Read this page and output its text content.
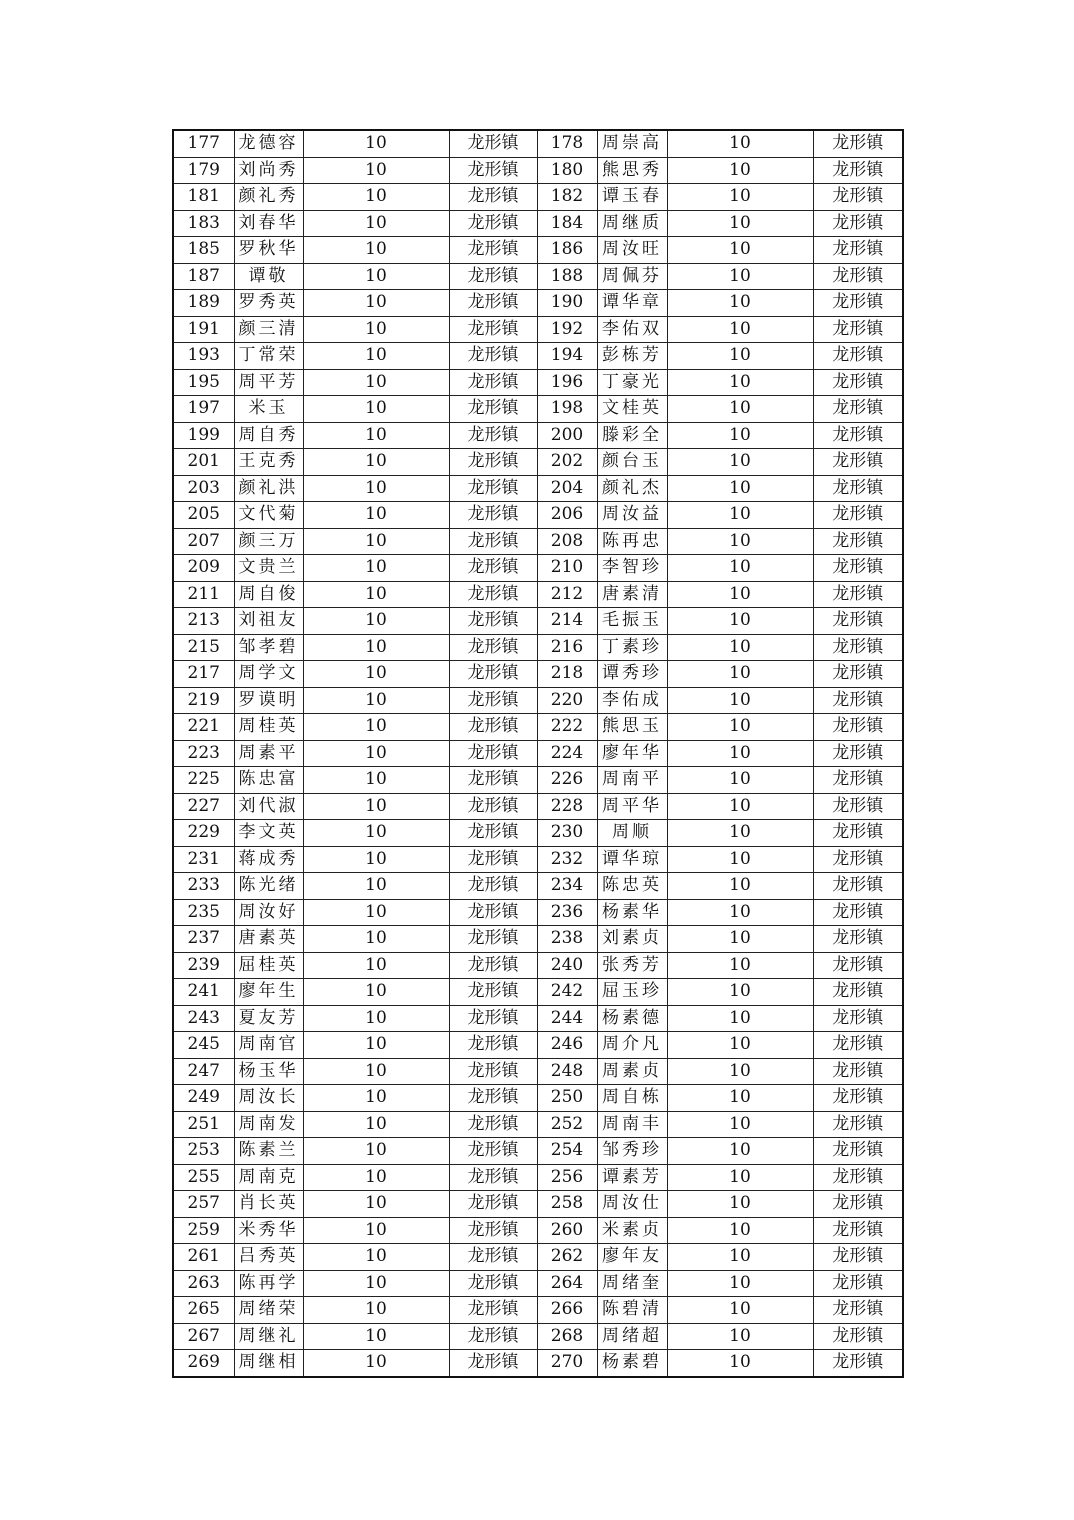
177	龙德容	10	龙形镇	178	周崇高	10	龙形镇
179	刘尚秀	10	龙形镇	180	熊思秀	10	龙形镇
181	颜礼秀	10	龙形镇	182	谭玉春	10	龙形镇
183	刘春华	10	龙形镇	184	周继质	10	龙形镇
185	罗秋华	10	龙形镇	186	周汝旺	10	龙形镇
187	谭敬	10	龙形镇	188	周佩芬	10	龙形镇
189	罗秀英	10	龙形镇	190	谭华章	10	龙形镇
191	颜三清	10	龙形镇	192	李佑双	10	龙形镇
193	丁常荣	10	龙形镇	194	彭栋芳	10	龙形镇
195	周平芳	10	龙形镇	196	丁豪光	10	龙形镇
197	米玉	10	龙形镇	198	文桂英	10	龙形镇
199	周自秀	10	龙形镇	200	滕彩全	10	龙形镇
201	王克秀	10	龙形镇	202	颜台玉	10	龙形镇
203	颜礼洪	10	龙形镇	204	颜礼杰	10	龙形镇
205	文代菊	10	龙形镇	206	周汝益	10	龙形镇
207	颜三万	10	龙形镇	208	陈再忠	10	龙形镇
209	文贵兰	10	龙形镇	210	李智珍	10	龙形镇
211	周自俊	10	龙形镇	212	唐素清	10	龙形镇
213	刘祖友	10	龙形镇	214	毛振玉	10	龙形镇
215	邹孝碧	10	龙形镇	216	丁素珍	10	龙形镇
217	周学文	10	龙形镇	218	谭秀珍	10	龙形镇
219	罗谟明	10	龙形镇	220	李佑成	10	龙形镇
221	周桂英	10	龙形镇	222	熊思玉	10	龙形镇
223	周素平	10	龙形镇	224	廖年华	10	龙形镇
225	陈忠富	10	龙形镇	226	周南平	10	龙形镇
227	刘代淑	10	龙形镇	228	周平华	10	龙形镇
229	李文英	10	龙形镇	230	周顺	10	龙形镇
231	蒋成秀	10	龙形镇	232	谭华琼	10	龙形镇
233	陈光绪	10	龙形镇	234	陈忠英	10	龙形镇
235	周汝好	10	龙形镇	236	杨素华	10	龙形镇
237	唐素英	10	龙形镇	238	刘素贞	10	龙形镇
239	屈桂英	10	龙形镇	240	张秀芳	10	龙形镇
241	廖年生	10	龙形镇	242	屈玉珍	10	龙形镇
243	夏友芳	10	龙形镇	244	杨素德	10	龙形镇
245	周南官	10	龙形镇	246	周介凡	10	龙形镇
247	杨玉华	10	龙形镇	248	周素贞	10	龙形镇
249	周汝长	10	龙形镇	250	周自栋	10	龙形镇
251	周南发	10	龙形镇	252	周南丰	10	龙形镇
253	陈素兰	10	龙形镇	254	邹秀珍	10	龙形镇
255	周南克	10	龙形镇	256	谭素芳	10	龙形镇
257	肖长英	10	龙形镇	258	周汝仕	10	龙形镇
259	米秀华	10	龙形镇	260	米素贞	10	龙形镇
261	吕秀英	10	龙形镇	262	廖年友	10	龙形镇
263	陈再学	10	龙形镇	264	周绪奎	10	龙形镇
265	周绪荣	10	龙形镇	266	陈碧清	10	龙形镇
267	周继礼	10	龙形镇	268	周绪超	10	龙形镇
269	周继相	10	龙形镇	270	杨素碧	10	龙形镇
